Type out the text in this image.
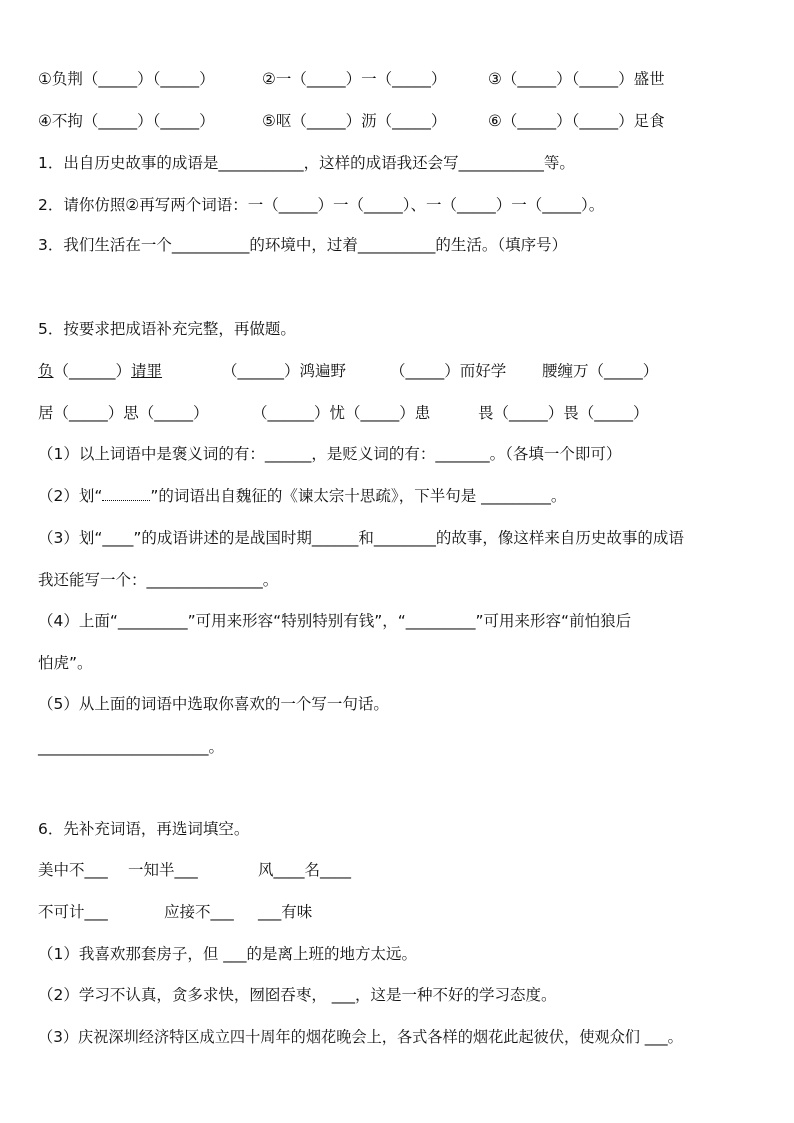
①负荆（_____）（_____）	②一（_____）一（_____）	③（_____）（_____）盛世
④不拘（_____）（_____）	⑤呕（_____）沥（_____）	⑥（_____）（_____）足食
1．出自历史故事的成语是___________，这样的成语我还会写___________等。
2．请你仿照②再写两个词语：一（_____）一（_____）、一（_____）一（_____）。
3．我们生活在一个__________的环境中，过着__________的生活。（填序号）
5．按要求把成语补充完整，再做题。
负（______）请罪	（______）鸿遍野	（_____）而好学 腰缠万（_____）
居（_____）思（_____）	（______）忧（_____）患	畏（_____）畏（_____）
（1）以上词语中是褒义词的有：______，是贬义词的有：_______。（各填一个即可）
（2）划“	”的词语出自魏征的《谏太宗十思疏》，下半句是 _________。
（3）划“____”的成语讲述的是战国时期______和________的故事，像这样来自历史故事的成语
我还能写一个：_______________。
（4）上面“_________”可用来形容“特别特别有钱”，“_________”可用来形容“前怕狼后
怕虎”。
（5）从上面的词语中选取你喜欢的一个写一句话。
______________________。
6．先补充词语，再选词填空。
美中不___ 一知半___	风____名____
不可计___	应接不___ ___有味
（1）我喜欢那套房子，但 ___的是离上班的地方太远。
（2）学习不认真，贪多求快，囫囵吞枣， ___，这是一种不好的学习态度。
（3）庆祝深圳经济特区成立四十周年的烟花晚会上，各式各样的烟花此起彼伏，使观众们 ___。
